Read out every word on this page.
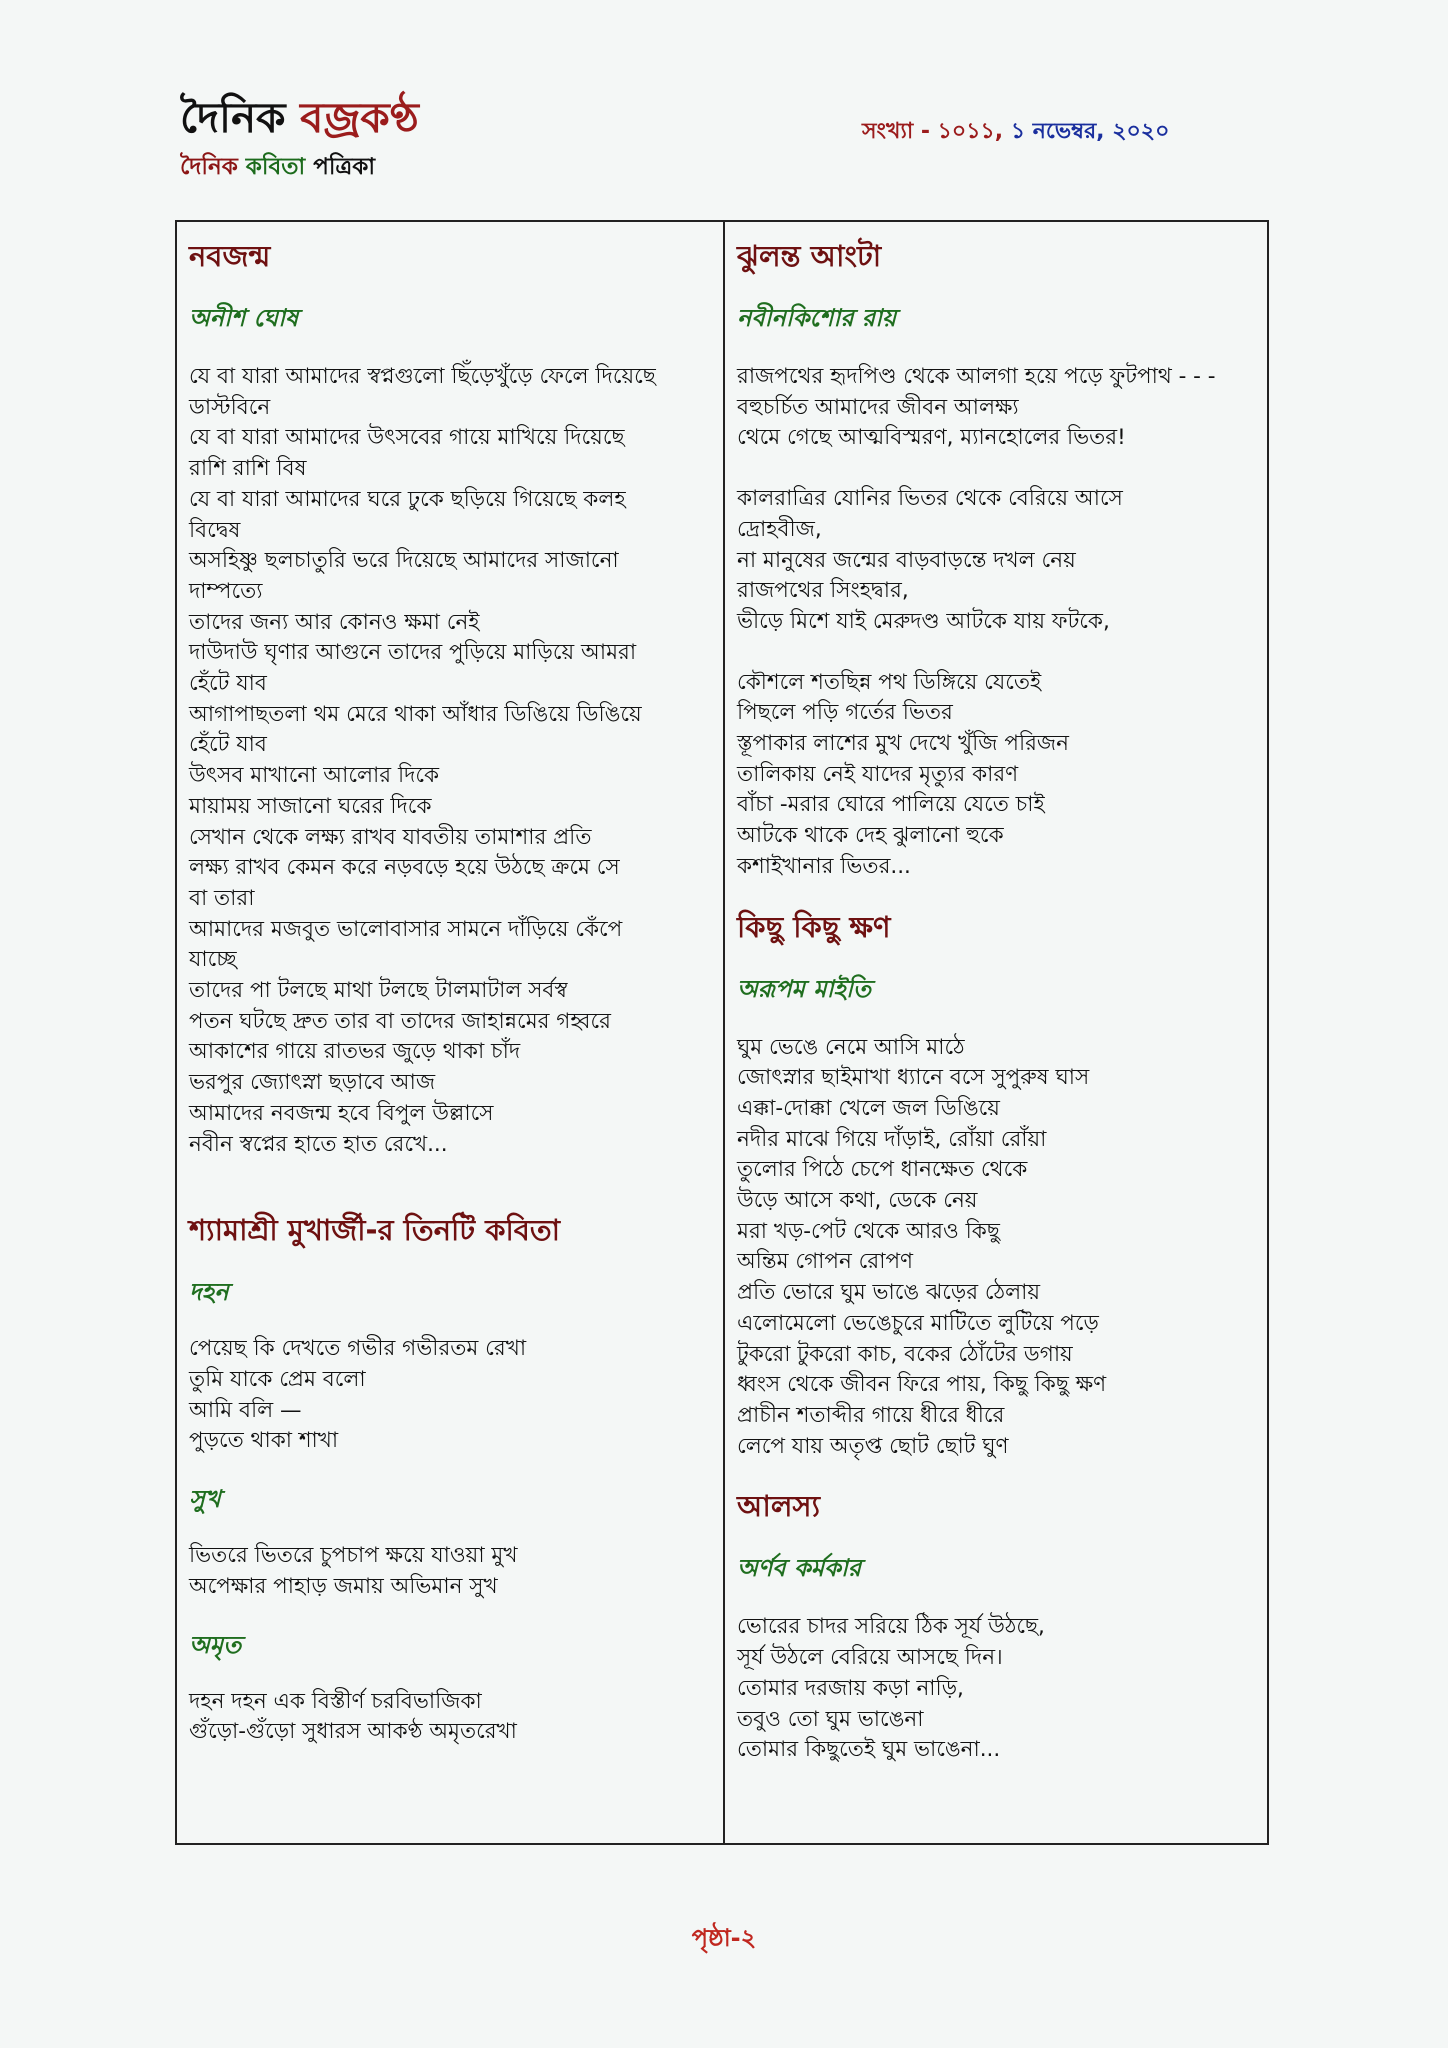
দৈনিক বজ্রকণ্ঠ
দৈনিক কবিতা পত্রিকা
সংখ্যা - ১০১১, ১ নভেম্বর, ২০২০
নবজন্ম
অনীশ ঘোষ
যে বা যারা আমাদের স্বপ্নগুলো ছিঁড়েখুঁড়ে ফেলে দিয়েছে
ডাস্টবিনে
যে বা যারা আমাদের উৎসবের গায়ে মাখিয়ে দিয়েছে
রাশি রাশি বিষ
যে বা যারা আমাদের ঘরে ঢুকে ছড়িয়ে গিয়েছে কলহ
বিদ্বেষ
অসহিষ্ণু ছলচাতুরি ভরে দিয়েছে আমাদের সাজানো
দাম্পত্যে
তাদের জন্য আর কোনও ক্ষমা নেই
দাউদাউ ঘৃণার আগুনে তাদের পুড়িয়ে মাড়িয়ে আমরা
হেঁটে যাব
আগাপাছতলা থম মেরে থাকা আঁধার ডিঙিয়ে ডিঙিয়ে
হেঁটে যাব
উৎসব মাখানো আলোর দিকে
মায়াময় সাজানো ঘরের দিকে
সেখান থেকে লক্ষ্য রাখব যাবতীয় তামাশার প্রতি
লক্ষ্য রাখব কেমন করে নড়বড়ে হয়ে উঠছে ক্রমে সে
বা তারা
আমাদের মজবুত ভালোবাসার সামনে দাঁড়িয়ে কেঁপে
যাচ্ছে
তাদের পা টলছে মাথা টলছে টালমাটাল সর্বস্ব
পতন ঘটছে দ্রুত তার বা তাদের জাহান্নমের গহ্বরে
আকাশের গায়ে রাতভর জুড়ে থাকা চাঁদ
ভরপুর জ্যোৎস্না ছড়াবে আজ
আমাদের নবজন্ম হবে বিপুল উল্লাসে
নবীন স্বপ্নের হাতে হাত রেখে...
শ্যামাশ্রী মুখার্জী-র তিনটি কবিতা
দহন
পেয়েছ কি দেখতে গভীর গভীরতম রেখা
তুমি যাকে প্রেম বলো
আমি বলি —
পুড়তে থাকা শাখা
সুখ
ভিতরে ভিতরে চুপচাপ ক্ষয়ে যাওয়া মুখ
অপেক্ষার পাহাড় জমায় অভিমান সুখ
অমৃত
দহন দহন এক বিস্তীর্ণ চরবিভাজিকা
গুঁড়ো-গুঁড়ো সুধারস আকণ্ঠ অমৃতরেখা
ঝুলন্ত আংটা
নবীনকিশোর রায়
রাজপথের হৃদপিণ্ড থেকে আলগা হয়ে পড়ে ফুটপাথ - - -
বহুচর্চিত আমাদের জীবন আলক্ষ্য
থেমে গেছে আত্মবিস্মরণ, ম্যানহোলের ভিতর!
কালরাত্রির যোনির ভিতর থেকে বেরিয়ে আসে
দ্রোহবীজ,
না মানুষের জন্মের বাড়বাড়ন্তে দখল নেয়
রাজপথের সিংহদ্বার,
ভীড়ে মিশে যাই মেরুদণ্ড আটকে যায় ফটকে,
কৌশলে শতছিন্ন পথ ডিঙ্গিয়ে যেতেই
পিছলে পড়ি গর্তের ভিতর
স্তূপাকার লাশের মুখ দেখে খুঁজি পরিজন
তালিকায় নেই যাদের মৃত্যুর কারণ
বাঁচা -মরার ঘোরে পালিয়ে যেতে চাই
আটকে থাকে দেহ ঝুলানো হুকে
কশাইখানার ভিতর...
কিছু কিছু ক্ষণ
অরূপম মাইতি
ঘুম ভেঙে নেমে আসি মাঠে
জোৎস্নার ছাইমাখা ধ্যানে বসে সুপুরুষ ঘাস
এক্কা-দোক্কা খেলে জল ডিঙিয়ে
নদীর মাঝে গিয়ে দাঁড়াই, রোঁয়া রোঁয়া
তুলোর পিঠে চেপে ধানক্ষেত থেকে
উড়ে আসে কথা, ডেকে নেয়
মরা খড়-পেট থেকে আরও কিছু
অন্তিম গোপন রোপণ
প্রতি ভোরে ঘুম ভাঙে ঝড়ের ঠেলায়
এলোমেলো ভেঙেচুরে মাটিতে লুটিয়ে পড়ে
টুকরো টুকরো কাচ, বকের ঠোঁটের ডগায়
ধ্বংস থেকে জীবন ফিরে পায়, কিছু কিছু ক্ষণ
প্রাচীন শতাব্দীর গায়ে ধীরে ধীরে
লেপে যায় অতৃপ্ত ছোট ছোট ঘুণ
আলস্য
অর্ণব কর্মকার
ভোরের চাদর সরিয়ে ঠিক সূর্য উঠছে,
সূর্য উঠলে বেরিয়ে আসছে দিন।
তোমার দরজায় কড়া নাড়ি,
তবুও তো ঘুম ভাঙেনা
তোমার কিছুতেই ঘুম ভাঙেনা...
পৃষ্ঠা-২
